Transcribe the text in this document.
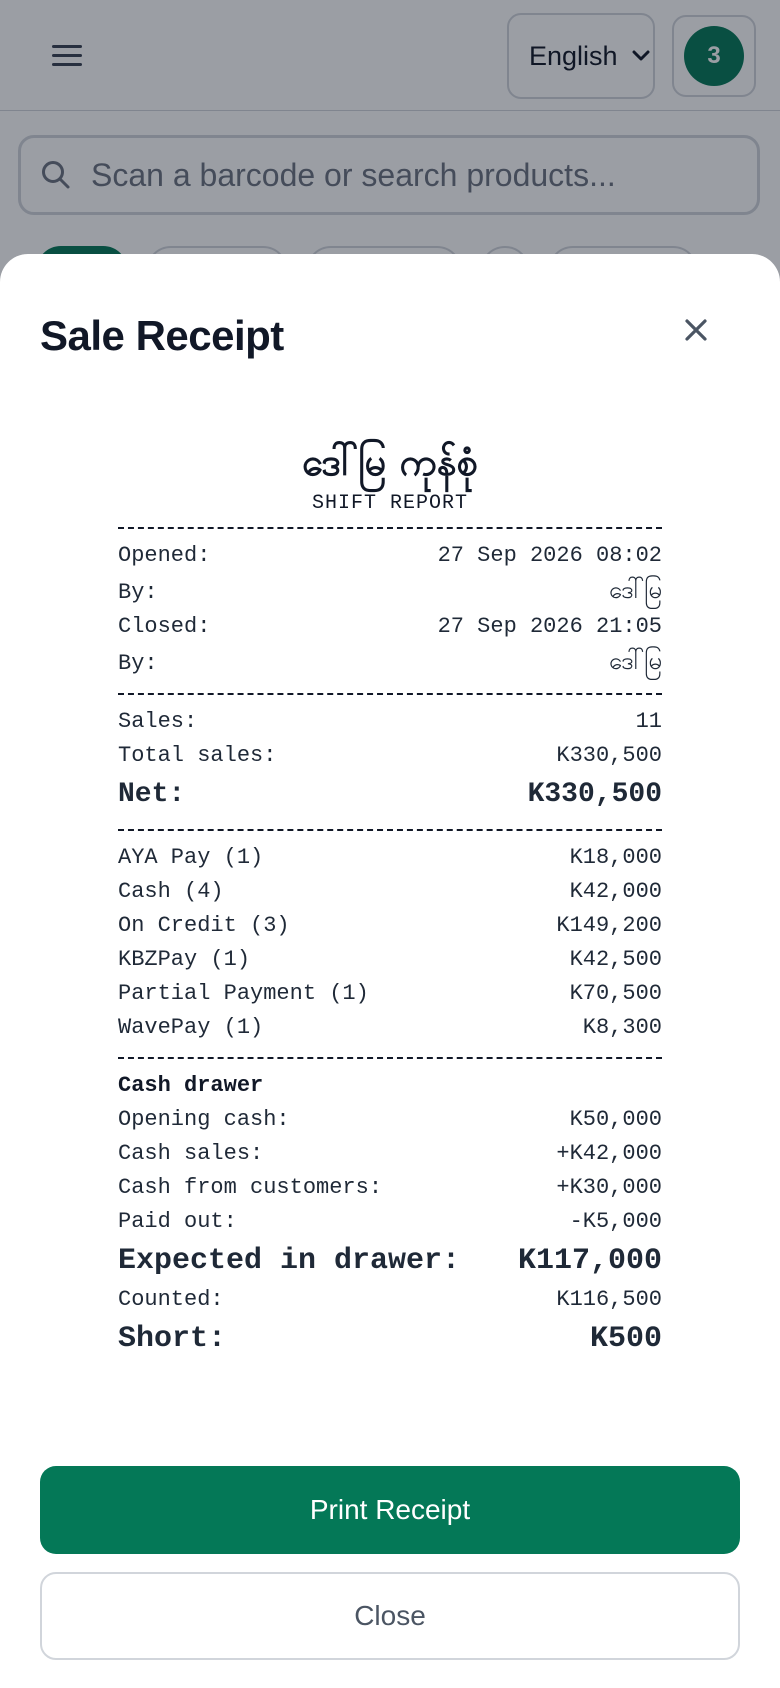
English	3
Scan a barcode or search products...
Sale Receipt
ဒေါ်မြ ကုန်စုံ
SHIFT REPORT
Opened:	27 Sep 2026 08:02
By:	ဒေါ်မြ
Closed:	27 Sep 2026 21:05
By:	ဒေါ်မြ
Sales:	11
Total sales:	K330,500
Net:	K330,500
AYA Pay (1)	K18,000
Cash (4)	K42,000
On Credit (3)	K149,200
KBZPay (1)	K42,500
Partial Payment (1)	K70,500
WavePay (1)	K8,300
Cash drawer
Opening cash:	K50,000
Cash sales:	+K42,000
Cash from customers:	+K30,000
Paid out:	-K5,000
Expected in drawer: K117,000
Counted:	K116,500
Short:	K500
Print Receipt
Close
